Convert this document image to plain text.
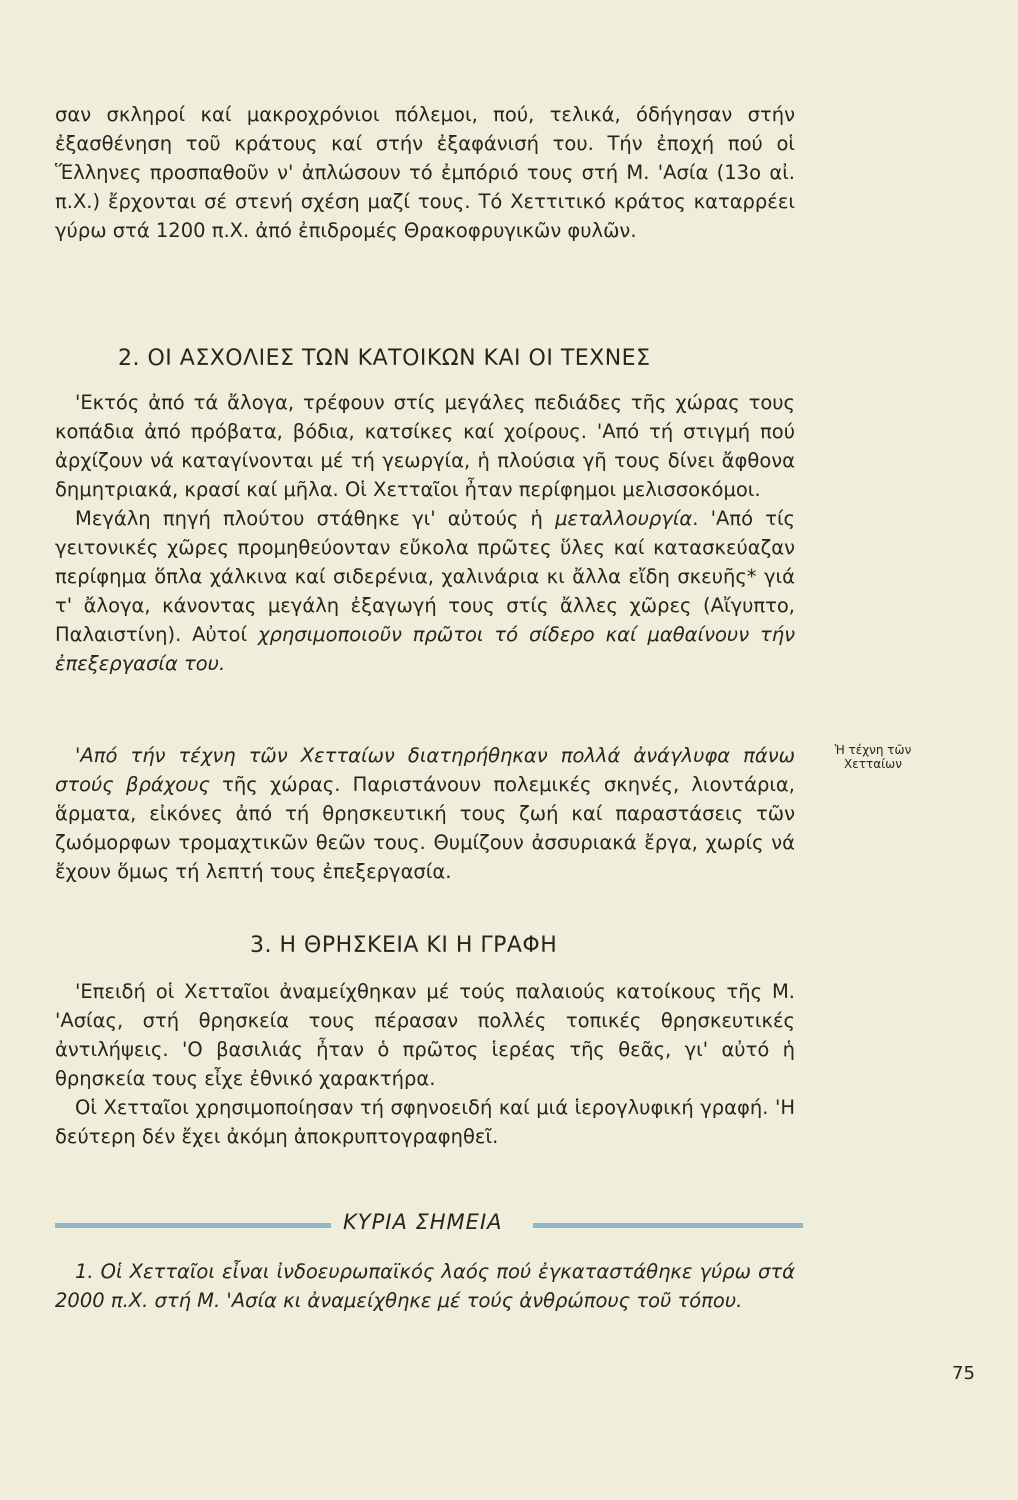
σαν σκληροί καί μακροχρόνιοι πόλεμοι, πού, τελικά, όδήγησαν στήν ἐξασθένηση τοῦ κράτους καί στήν ἐξαφάνισή του. Τήν ἐποχή πού οἱ Ἕλληνες προσπαθοῦν ν' ἀπλώσουν τό ἐμπόριό τους στή Μ. 'Ασία (13ο αἰ. π.Χ.) ἔρχονται σέ στενή σχέση μαζί τους. Τό Χεττιτικό κράτος καταρρέει γύρω στά 1200 π.Χ. ἀπό ἐπιδρομές Θρακοφρυγικῶν φυλῶν.

2. ΟΙ ΑΣΧΟΛΙΕΣ ΤΩΝ ΚΑΤΟΙΚΩΝ ΚΑΙ ΟΙ ΤΕΧΝΕΣ

'Εκτός ἀπό τά ἄλογα, τρέφουν στίς μεγάλες πεδιάδες τῆς χώρας τους κοπάδια ἀπό πρόβατα, βόδια, κατσίκες καί χοίρους. 'Από τή στιγμή πού ἀρχίζουν νά καταγίνονται μέ τή γεωργία, ἡ πλούσια γῆ τους δίνει ἄφθονα δημητριακά, κρασί καί μῆλα. Οἱ Χετταῖοι ἦταν περίφημοι μελισσοκόμοι.

Μεγάλη πηγή πλούτου στάθηκε γι' αὐτούς ἡ μεταλλουργία. 'Από τίς γειτονικές χῶρες προμηθεύονταν εὔκολα πρῶτες ὕλες καί κατασκεύαζαν περίφημα ὅπλα χάλκινα καί σιδερένια, χαλινάρια κι ἄλλα εἴδη σκευῆς* γιά τ' ἄλογα, κάνοντας μεγάλη ἐξαγωγή τους στίς ἄλλες χῶρες (Αἴγυπτο, Παλαιστίνη). Αὐτοί χρησιμοποιοῦν πρῶτοι τό σίδερο καί μαθαίνουν τήν ἐπεξεργασία του.

'Από τήν τέχνη τῶν Χετταίων διατηρήθηκαν πολλά ἀνάγλυφα πάνω στούς βράχους τῆς χώρας. Παριστάνουν πολεμικές σκηνές, λιοντάρια, ἅρματα, εἰκόνες ἀπό τή θρησκευτική τους ζωή καί παραστάσεις τῶν ζωόμορφων τρομαχτικῶν θεῶν τους. Θυμίζουν ἀσσυριακά ἔργα, χωρίς νά ἔχουν ὅμως τή λεπτή τους ἐπεξεργασία.

Ἡ τέχνη τῶν Χετταίων
3. Η ΘΡΗΣΚΕΙΑ ΚΙ Η ΓΡΑΦΗ

'Επειδή οἱ Χετταῖοι ἀναμείχθηκαν μέ τούς παλαιούς κατοίκους τῆς Μ. 'Ασίας, στή θρησκεία τους πέρασαν πολλές τοπικές θρησκευτικές ἀντιλήψεις. 'Ο βασιλιάς ἦταν ὁ πρῶτος ἱερέας τῆς θεᾶς, γι' αὐτό ἡ θρησκεία τους εἶχε ἐθνικό χαρακτήρα.

Οἱ Χετταῖοι χρησιμοποίησαν τή σφηνοειδή καί μιά ἱερογλυφική γραφή. 'Η δεύτερη δέν ἔχει ἀκόμη ἀποκρυπτογραφηθεῖ.

ΚΥΡΙΑ ΣΗΜΕΙΑ

1. Οἱ Χετταῖοι εἶναι ἰνδοευρωπαϊκός λαός πού ἐγκαταστάθηκε γύρω στά 2000 π.Χ. στή Μ. 'Ασία κι ἀναμείχθηκε μέ τούς ἀνθρώπους τοῦ τόπου.

75
